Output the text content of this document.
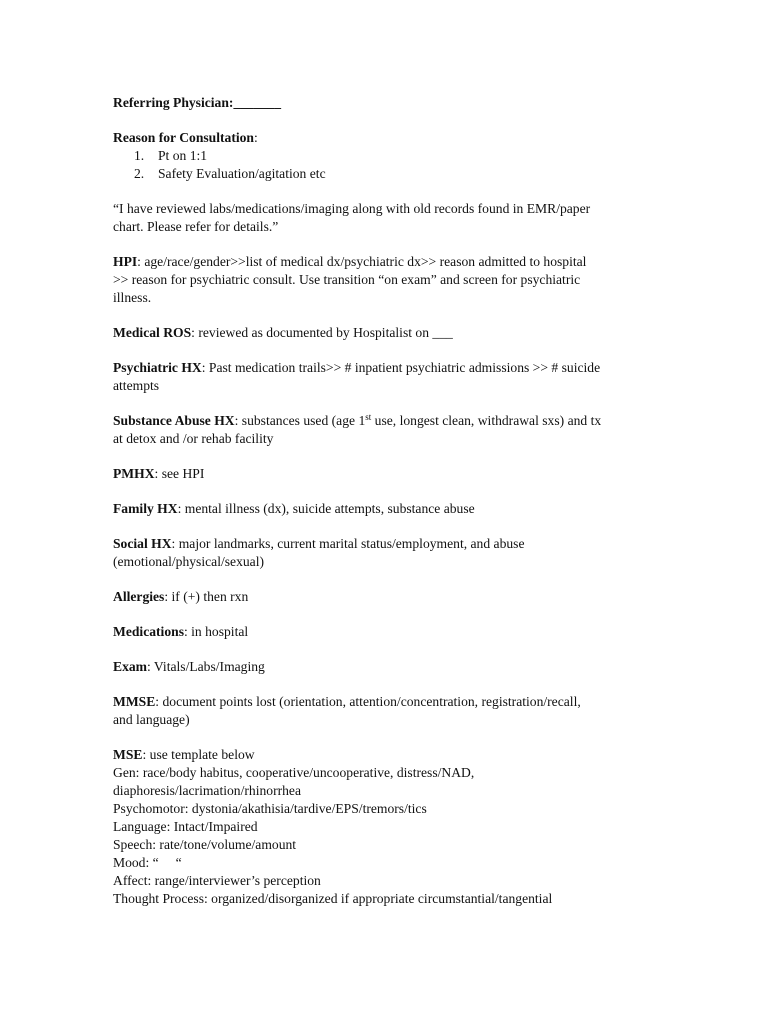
Referring Physician:_______
Reason for Consultation:
1. Pt on 1:1
2. Safety Evaluation/agitation etc
“I have reviewed labs/medications/imaging along with old records found in EMR/paper
chart. Please refer for details.”
HPI: age/race/gender>>list of medical dx/psychiatric dx>> reason admitted to hospital
>> reason for psychiatric consult. Use transition “on exam” and screen for psychiatric
illness.
Medical ROS: reviewed as documented by Hospitalist on ___
Psychiatric HX: Past medication trails>> # inpatient psychiatric admissions >> # suicide
attempts
Substance Abuse HX: substances used (age 1st use, longest clean, withdrawal sxs) and tx
at detox and /or rehab facility
PMHX: see HPI
Family HX: mental illness (dx), suicide attempts, substance abuse
Social HX: major landmarks, current marital status/employment, and abuse
(emotional/physical/sexual)
Allergies: if (+) then rxn
Medications: in hospital
Exam: Vitals/Labs/Imaging
MMSE: document points lost (orientation, attention/concentration, registration/recall,
and language)
MSE: use template below
Gen: race/body habitus, cooperative/uncooperative, distress/NAD,
diaphoresis/lacrimation/rhinorrhea
Psychomotor: dystonia/akathisia/tardive/EPS/tremors/tics
Language: Intact/Impaired
Speech: rate/tone/volume/amount
Mood: “     “
Affect: range/interviewer’s perception
Thought Process: organized/disorganized if appropriate circumstantial/tangential
